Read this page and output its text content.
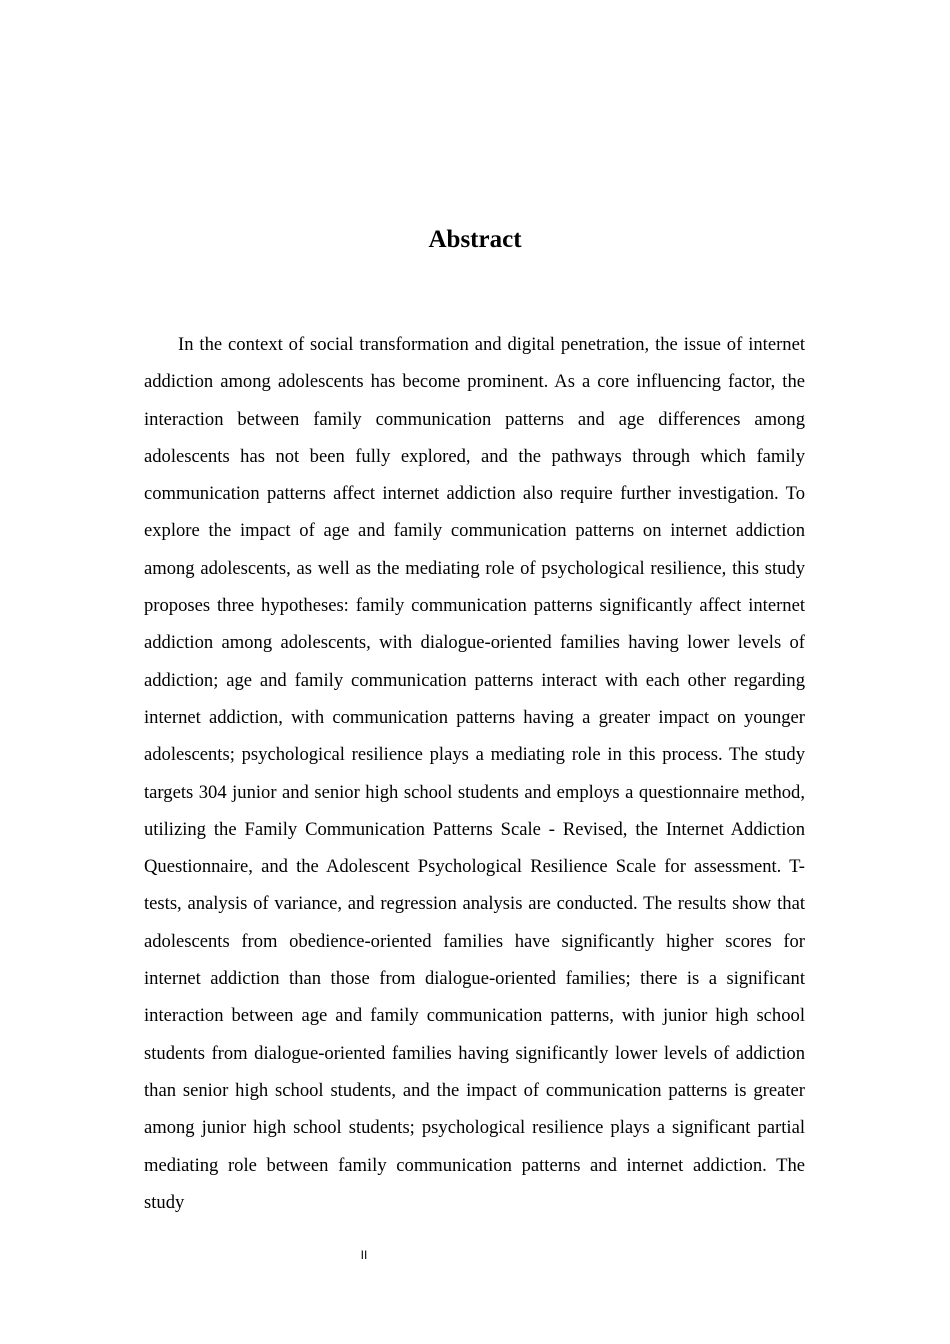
Abstract

In the context of social transformation and digital penetration, the issue of internet addiction among adolescents has become prominent. As a core influencing factor, the interaction between family communication patterns and age differences among adolescents has not been fully explored, and the pathways through which family communication patterns affect internet addiction also require further investigation. To explore the impact of age and family communication patterns on internet addiction among adolescents, as well as the mediating role of psychological resilience, this study proposes three hypotheses: family communication patterns significantly affect internet addiction among adolescents, with dialogue-oriented families having lower levels of addiction; age and family communication patterns interact with each other regarding internet addiction, with communication patterns having a greater impact on younger adolescents; psychological resilience plays a mediating role in this process. The study targets 304 junior and senior high school students and employs a questionnaire method, utilizing the Family Communication Patterns Scale - Revised, the Internet Addiction Questionnaire, and the Adolescent Psychological Resilience Scale for assessment. T-tests, analysis of variance, and regression analysis are conducted. The results show that adolescents from obedience-oriented families have significantly higher scores for internet addiction than those from dialogue-oriented families; there is a significant interaction between age and family communication patterns, with junior high school students from dialogue-oriented families having significantly lower levels of addiction than senior high school students, and the impact of communication patterns is greater among junior high school students; psychological resilience plays a significant partial mediating role between family communication patterns and internet addiction. The study

II
